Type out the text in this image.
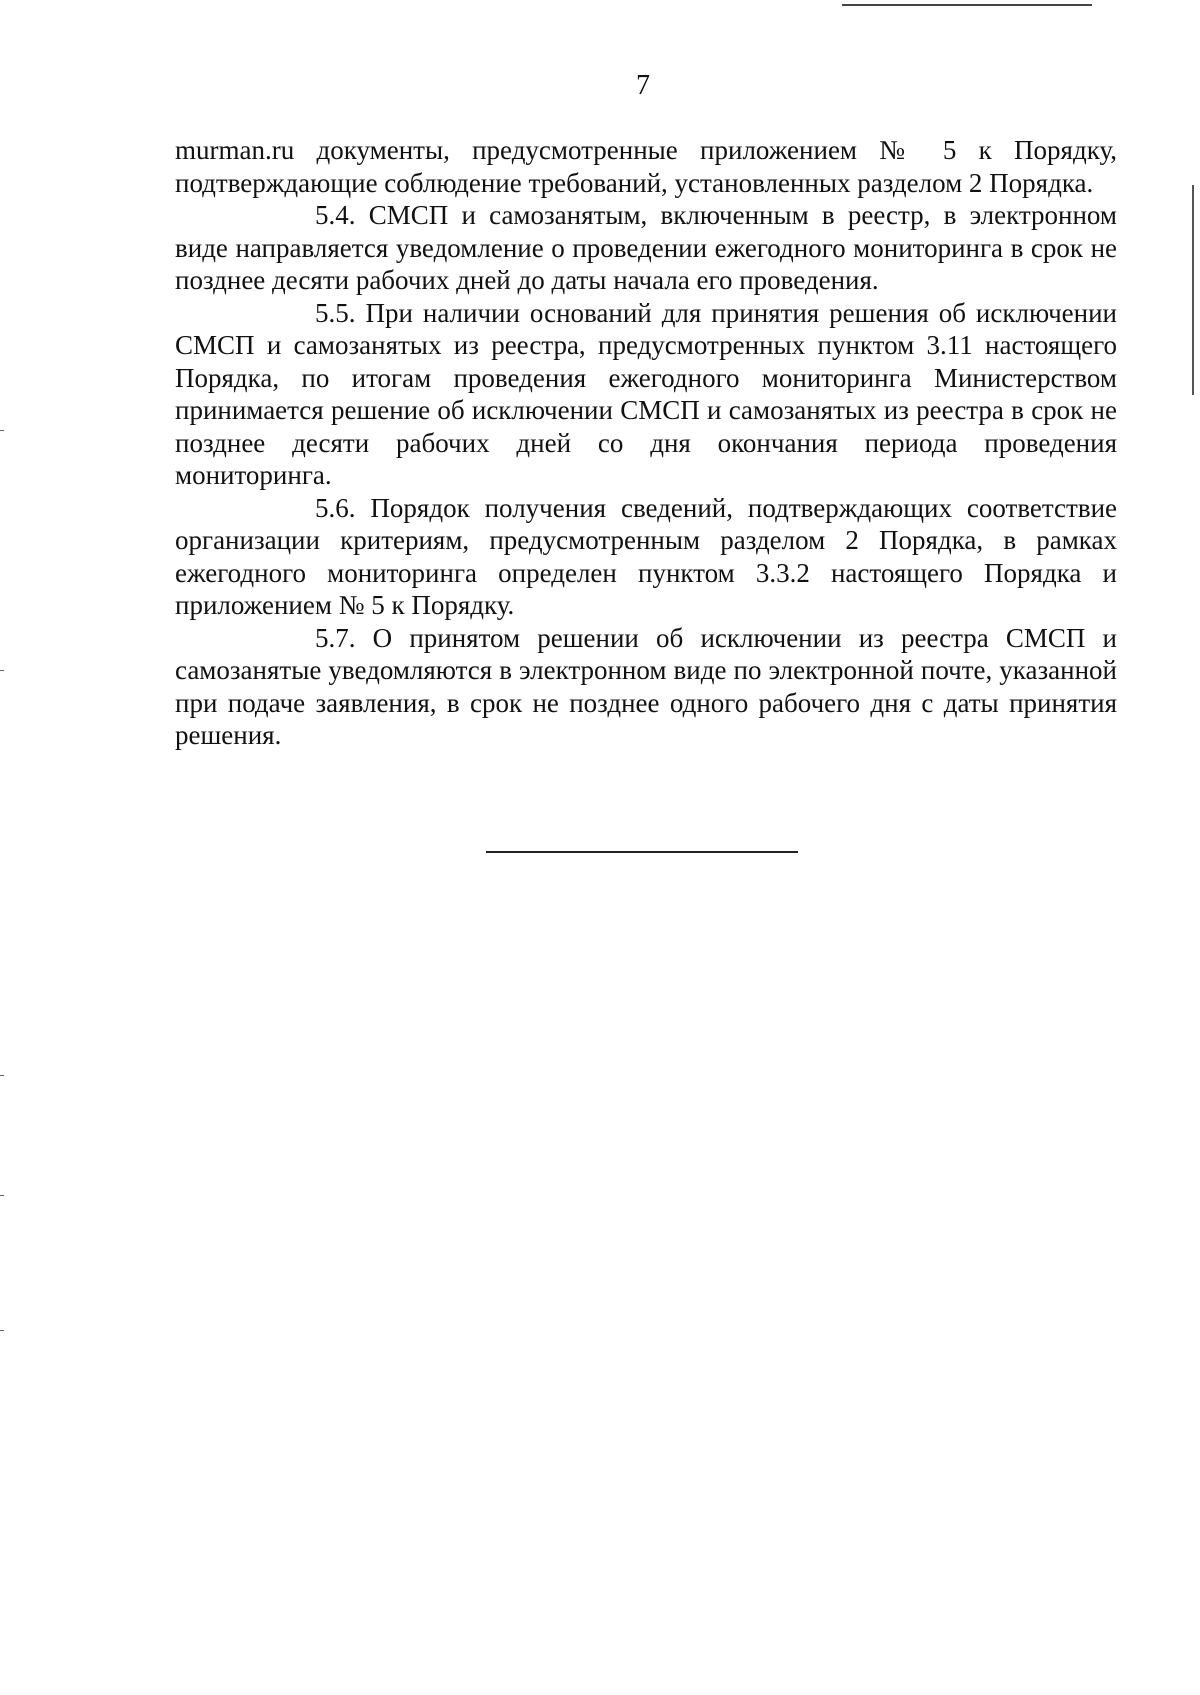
7

murman.ru документы, предусмотренные приложением № 5 к Порядку, подтверждающие соблюдение требований, установленных разделом 2 Порядка.

5.4. СМСП и самозанятым, включенным в реестр, в электронном виде направляется уведомление о проведении ежегодного мониторинга в срок не позднее десяти рабочих дней до даты начала его проведения.

5.5. При наличии оснований для принятия решения об исключении СМСП и самозанятых из реестра, предусмотренных пунктом 3.11 настоящего Порядка, по итогам проведения ежегодного мониторинга Министерством принимается решение об исключении СМСП и самозанятых из реестра в срок не позднее десяти рабочих дней со дня окончания периода проведения мониторинга.

5.6. Порядок получения сведений, подтверждающих соответствие организации критериям, предусмотренным разделом 2 Порядка, в рамках ежегодного мониторинга определен пунктом 3.3.2 настоящего Порядка и приложением № 5 к Порядку.

5.7. О принятом решении об исключении из реестра СМСП и самозанятые уведомляются в электронном виде по электронной почте, указанной при подаче заявления, в срок не позднее одного рабочего дня с даты принятия решения.
